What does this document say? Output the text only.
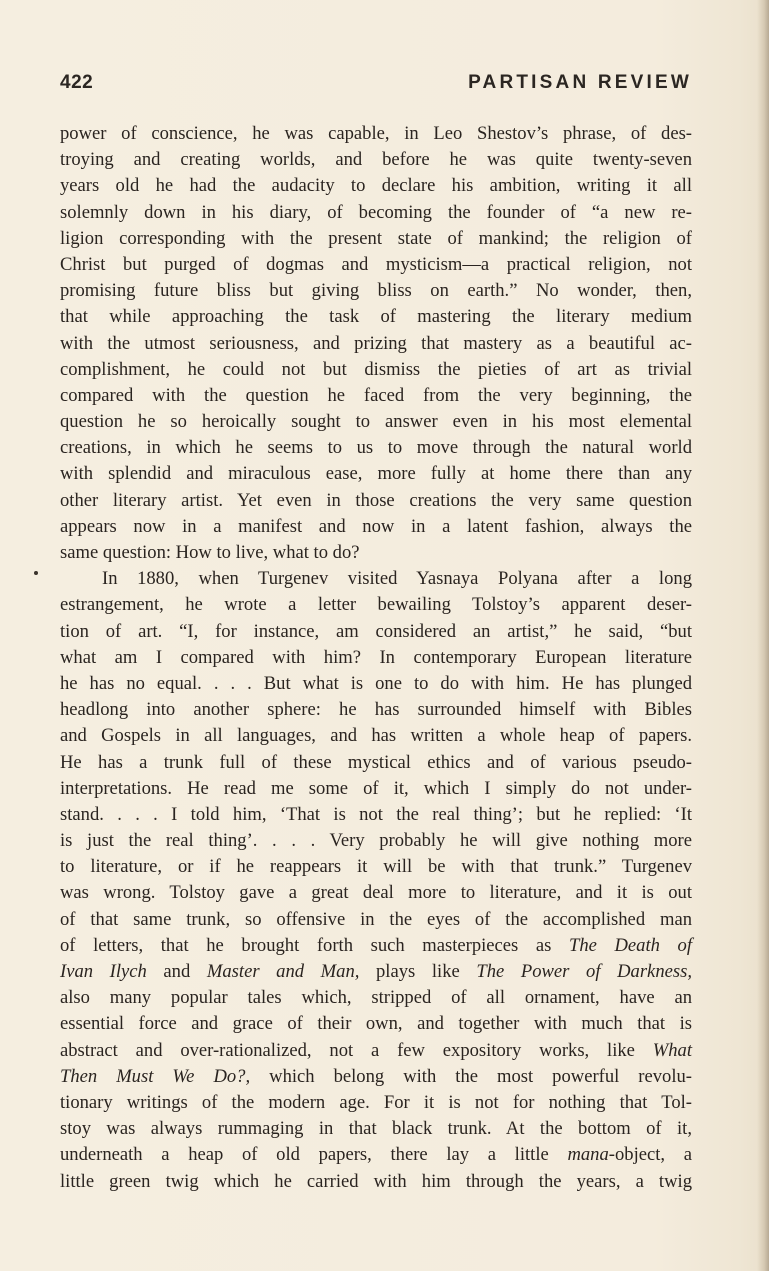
422	PARTISAN REVIEW
power of conscience, he was capable, in Leo Shestov’s phrase, of des-
troying and creating worlds, and before he was quite twenty-seven
years old he had the audacity to declare his ambition, writing it all
solemnly down in his diary, of becoming the founder of “a new re-
ligion corresponding with the present state of mankind; the religion of
Christ but purged of dogmas and mysticism—a practical religion, not
promising future bliss but giving bliss on earth.” No wonder, then,
that while approaching the task of mastering the literary medium
with the utmost seriousness, and prizing that mastery as a beautiful ac-
complishment, he could not but dismiss the pieties of art as trivial
compared with the question he faced from the very beginning, the
question he so heroically sought to answer even in his most elemental
creations, in which he seems to us to move through the natural world
with splendid and miraculous ease, more fully at home there than any
other literary artist. Yet even in those creations the very same question
appears now in a manifest and now in a latent fashion, always the
same question: How to live, what to do?
In 1880, when Turgenev visited Yasnaya Polyana after a long
estrangement, he wrote a letter bewailing Tolstoy’s apparent deser-
tion of art. “I, for instance, am considered an artist,” he said, “but
what am I compared with him? In contemporary European literature
he has no equal. . . . But what is one to do with him. He has plunged
headlong into another sphere: he has surrounded himself with Bibles
and Gospels in all languages, and has written a whole heap of papers.
He has a trunk full of these mystical ethics and of various pseudo-
interpretations. He read me some of it, which I simply do not under-
stand. . . . I told him, ‘That is not the real thing’; but he replied: ‘It
is just the real thing’. . . . Very probably he will give nothing more
to literature, or if he reappears it will be with that trunk.” Turgenev
was wrong. Tolstoy gave a great deal more to literature, and it is out
of that same trunk, so offensive in the eyes of the accomplished man
of letters, that he brought forth such masterpieces as The Death of
Ivan Ilych and Master and Man, plays like The Power of Darkness,
also many popular tales which, stripped of all ornament, have an
essential force and grace of their own, and together with much that is
abstract and over-rationalized, not a few expository works, like What
Then Must We Do?, which belong with the most powerful revolu-
tionary writings of the modern age. For it is not for nothing that Tol-
stoy was always rummaging in that black trunk. At the bottom of it,
underneath a heap of old papers, there lay a little mana-object, a
little green twig which he carried with him through the years, a twig
